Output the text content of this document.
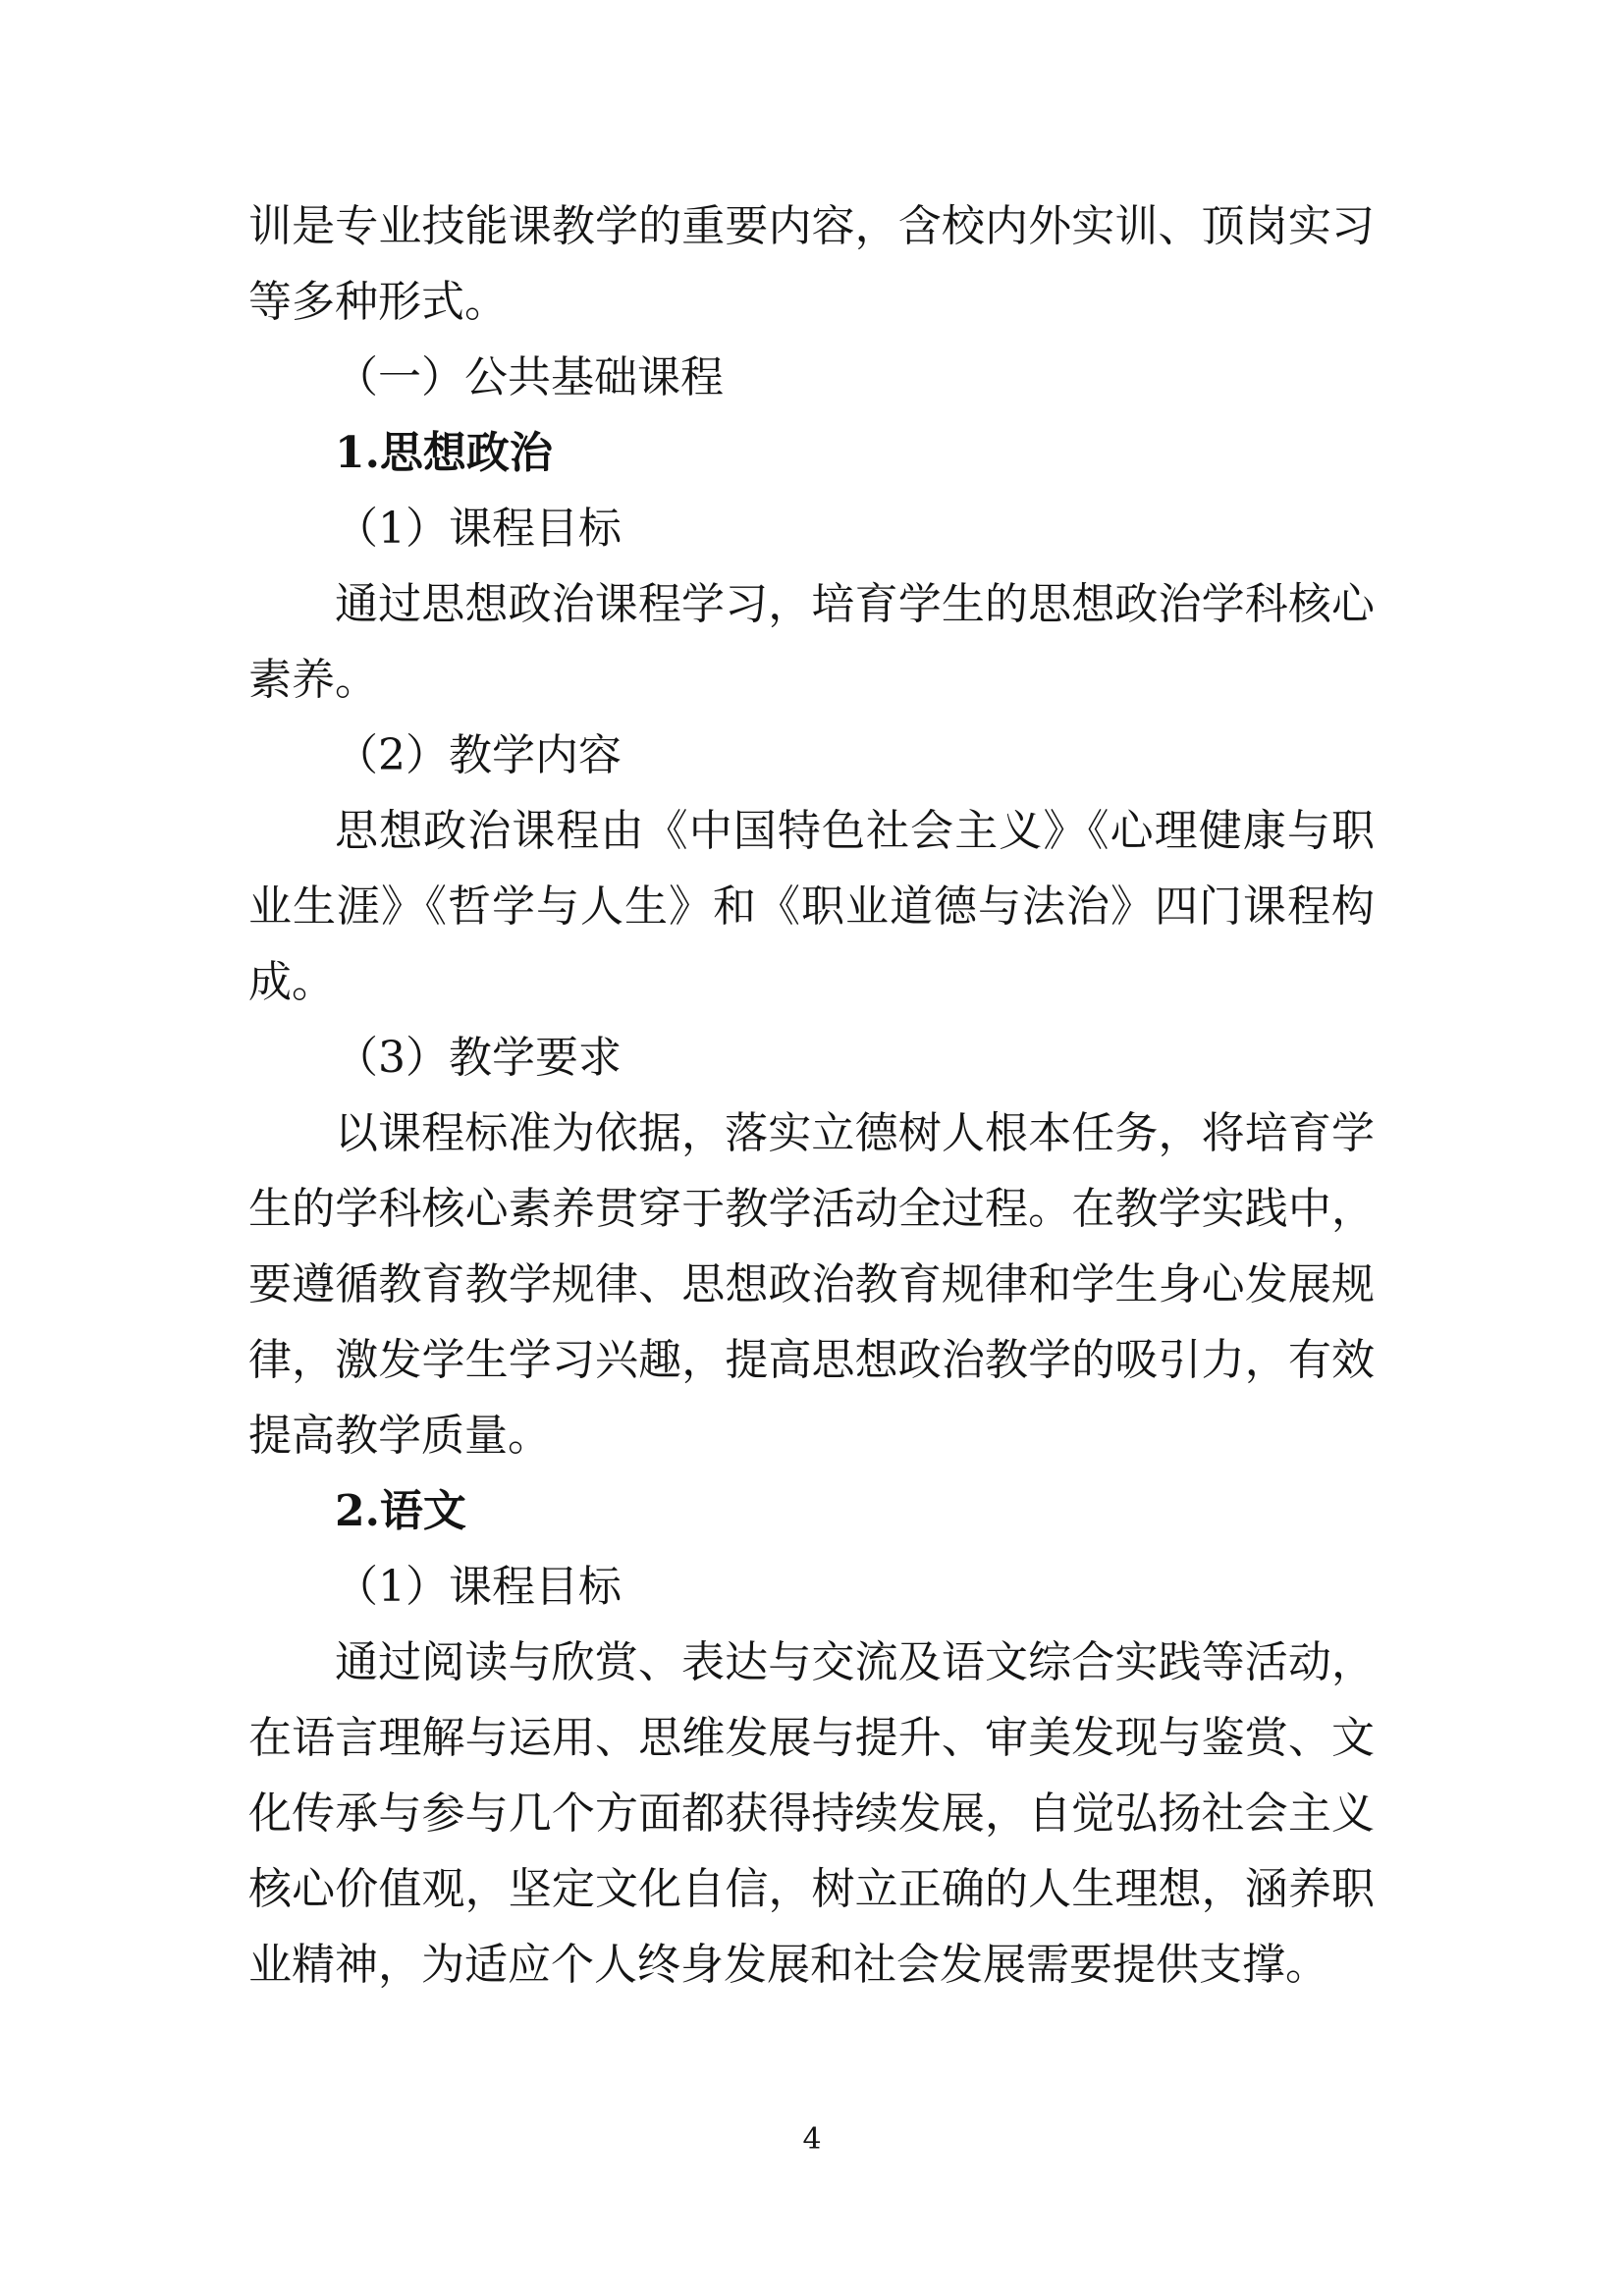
训是专业技能课教学的重要内容，含校内外实训、顶岗实习等多种形式。

（一）公共基础课程

1.思想政治

（1）课程目标

通过思想政治课程学习，培育学生的思想政治学科核心素养。

（2）教学内容

思想政治课程由《中国特色社会主义》《心理健康与职业生涯》《哲学与人生》和《职业道德与法治》四门课程构成。

（3）教学要求

以课程标准为依据，落实立德树人根本任务，将培育学生的学科核心素养贯穿于教学活动全过程。在教学实践中，要遵循教育教学规律、思想政治教育规律和学生身心发展规律，激发学生学习兴趣，提高思想政治教学的吸引力，有效提高教学质量。

2.语文

（1）课程目标

通过阅读与欣赏、表达与交流及语文综合实践等活动，在语言理解与运用、思维发展与提升、审美发现与鉴赏、文化传承与参与几个方面都获得持续发展，自觉弘扬社会主义核心价值观，坚定文化自信，树立正确的人生理想，涵养职业精神，为适应个人终身发展和社会发展需要提供支撑。

4
